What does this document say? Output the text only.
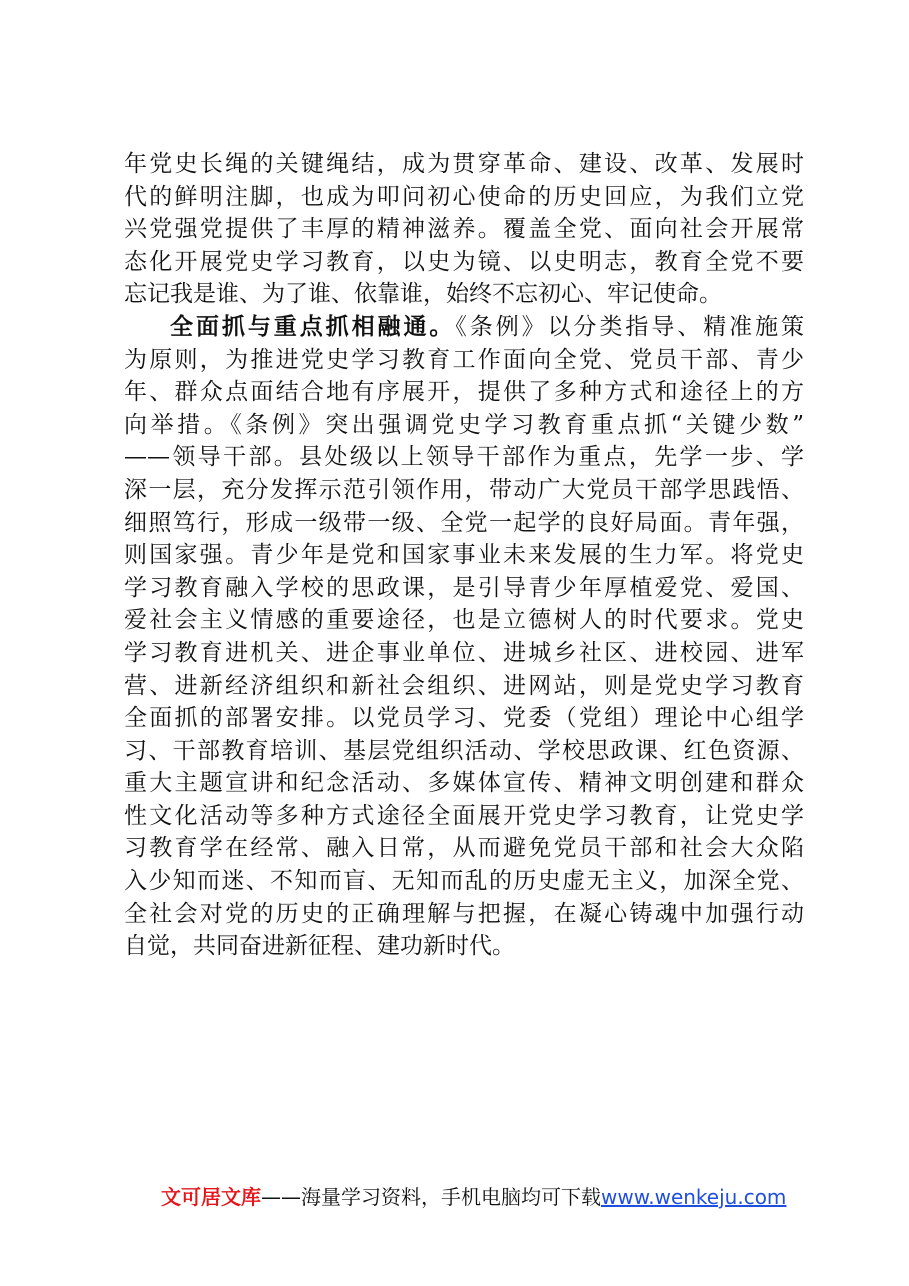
年党史长绳的关键绳结，成为贯穿革命、建设、改革、发展时
代的鲜明注脚，也成为叩问初心使命的历史回应，为我们立党
兴党强党提供了丰厚的精神滋养。覆盖全党、面向社会开展常
态化开展党史学习教育，以史为镜、以史明志，教育全党不要
忘记我是谁、为了谁、依靠谁，始终不忘初心、牢记使命。
全面抓与重点抓相融通。《条例》以分类指导、精准施策
为原则，为推进党史学习教育工作面向全党、党员干部、青少
年、群众点面结合地有序展开，提供了多种方式和途径上的方
向举措。《条例》突出强调党史学习教育重点抓“关键少数”
——领导干部。县处级以上领导干部作为重点，先学一步、学
深一层，充分发挥示范引领作用，带动广大党员干部学思践悟、
细照笃行，形成一级带一级、全党一起学的良好局面。青年强，
则国家强。青少年是党和国家事业未来发展的生力军。将党史
学习教育融入学校的思政课，是引导青少年厚植爱党、爱国、
爱社会主义情感的重要途径，也是立德树人的时代要求。党史
学习教育进机关、进企事业单位、进城乡社区、进校园、进军
营、进新经济组织和新社会组织、进网站，则是党史学习教育
全面抓的部署安排。以党员学习、党委（党组）理论中心组学
习、干部教育培训、基层党组织活动、学校思政课、红色资源、
重大主题宣讲和纪念活动、多媒体宣传、精神文明创建和群众
性文化活动等多种方式途径全面展开党史学习教育，让党史学
习教育学在经常、融入日常，从而避免党员干部和社会大众陷
入少知而迷、不知而盲、无知而乱的历史虚无主义，加深全党、
全社会对党的历史的正确理解与把握，在凝心铸魂中加强行动
自觉，共同奋进新征程、建功新时代。
文可居文库——海量学习资料，手机电脑均可下载www.wenkeju.com
